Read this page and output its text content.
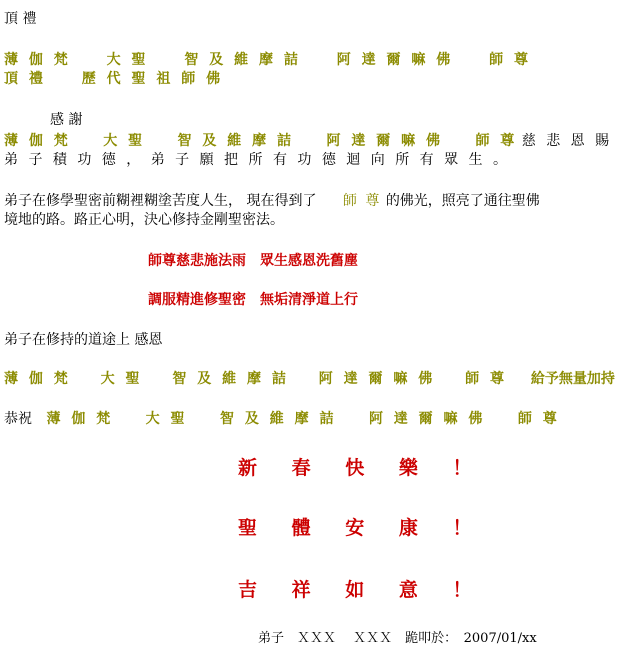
頂 禮
薄 伽 梵	大 聖	智 及 維 摩 詰	阿 達 爾 嘛 佛	師 尊
頂 禮	歷 代 聖 祖 師 佛
感 謝
薄 伽 梵 大 聖 智 及 維 摩 詰 阿 達 爾 嘛 佛 師 尊 慈 悲 恩 賜
弟 子 積 功 德 ， 弟 子 願 把 所 有 功 德 迴 向 所 有 眾 生 。
弟子在修學聖密前糊裡糊塗苦度人生， 現在得到了 師 尊 的佛光，照亮了通往聖佛
境地的路。路正心明，決心修持金剛聖密法。
師尊慈悲施法雨　眾生感恩洗舊塵
調服精進修聖密　無垢清淨道上行
弟子在修持的道途上 感恩
薄 伽 梵 大 聖 智 及 維 摩 詰 阿 達 爾 嘛 佛 師 尊 給予無量加持
恭祝 薄 伽 梵 大 聖 智 及 維 摩 詰 阿 達 爾 嘛 佛 師 尊
新 春 快 樂 ！
聖 體 安 康 ！
吉 祥 如 意 ！
弟子　ＸＸＸ　 ＸＸＸ　跪叩於：　2007/01/xx
